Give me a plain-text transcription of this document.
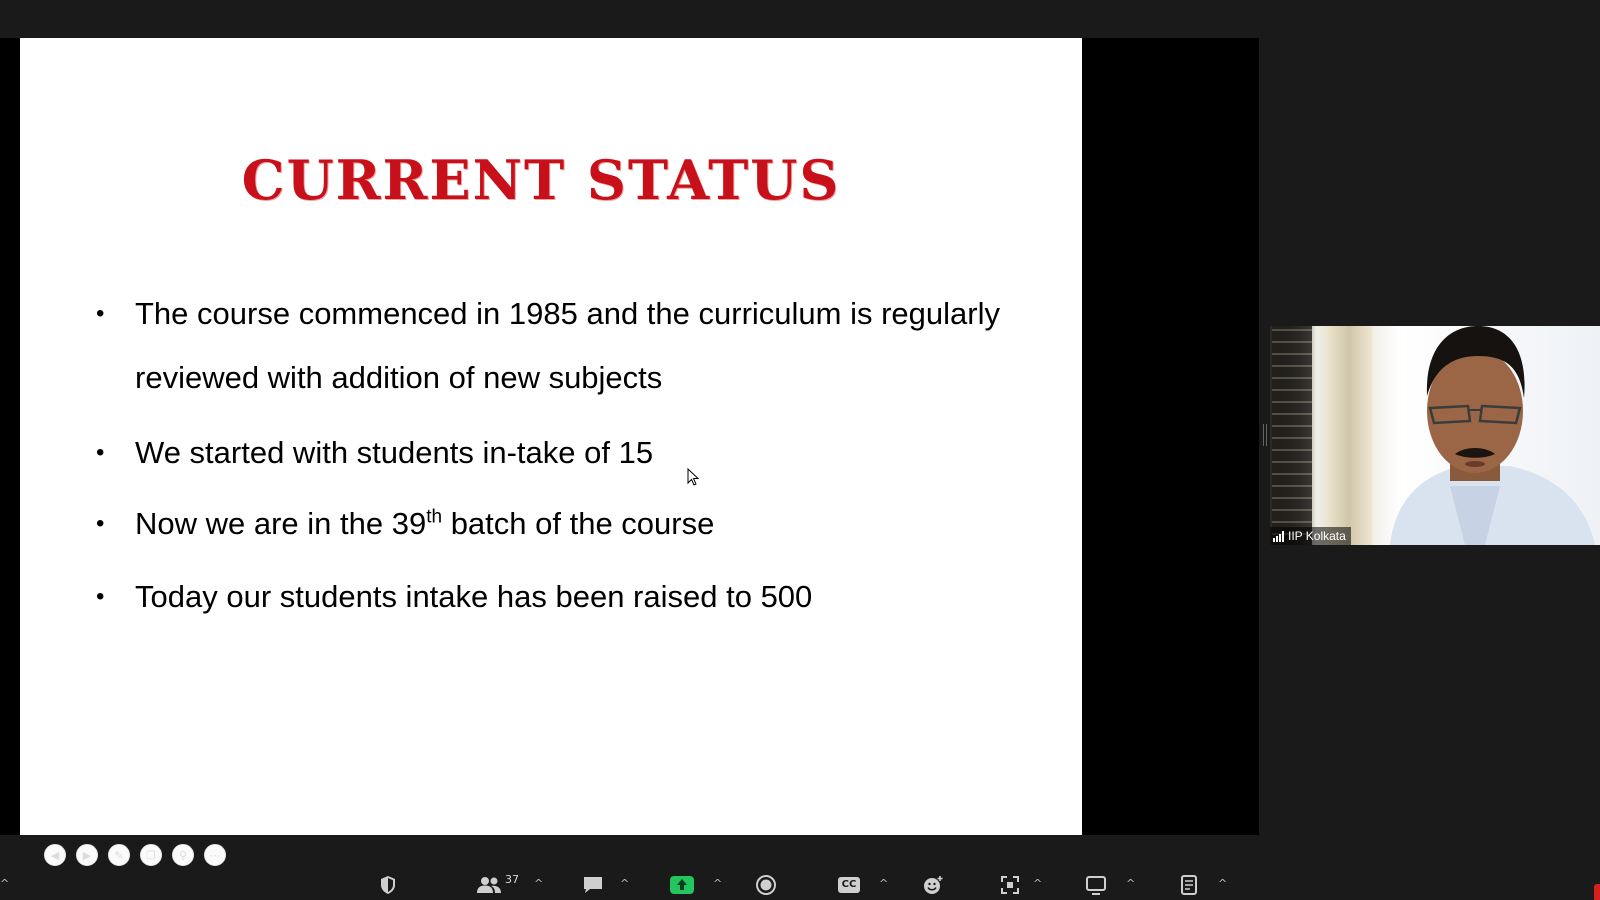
CURRENT STATUS
• The course commenced in 1985 and the curriculum is regularly reviewed with addition of new subjects
• We started with students in-take of 15
• Now we are in the 39th batch of the course
• Today our students intake has been raised to 500
◀	▶	✎	❐	⚲	⋯
IIP Kolkata
^	37 ^	^	^	CC	^	^	^	^
